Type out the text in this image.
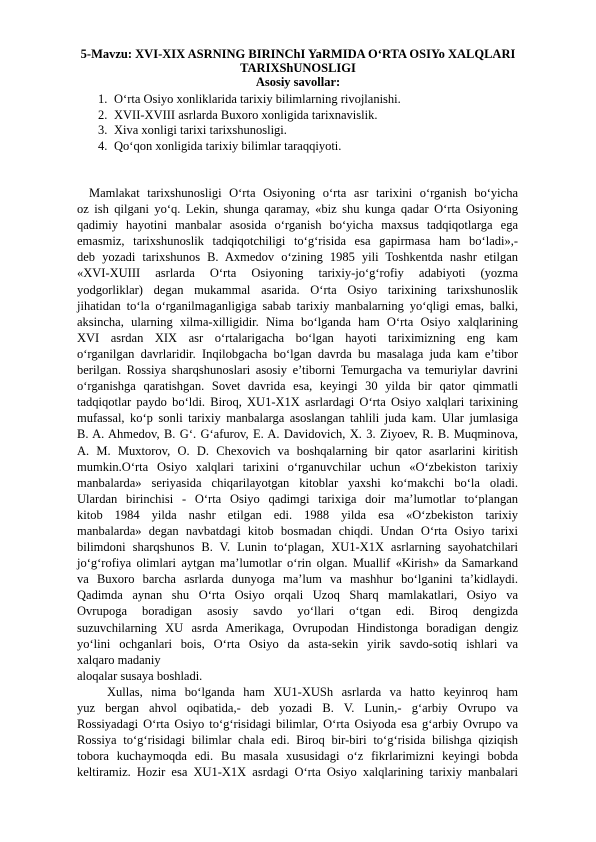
5-Mavzu: XVI-XIX ASRNING BIRINChI YaRMIDA O‘RTA OSIYo XALQLARI TARIXShUNOSLIGI
Asosiy savollar:
1. O‘rta Osiyo xonliklarida tarixiy bilimlarning rivojlanishi.
2. XVII-XVIII asrlarda Buxoro xonligida tarixnavislik.
3. Xiva xonligi tarixi tarixshunosligi.
4. Qo‘qon xonligida tarixiy bilimlar taraqqiyoti.
Mamlakat tarixshunosligi O‘rta Osiyoning o‘rta asr tarixini o‘rganish bo‘yicha
oz ish qilgani yo‘q. Lekin, shunga qaramay, «biz shu kunga qadar O‘rta Osiyoning
qadimiy hayotini manbalar asosida o‘rganish bo‘yicha maxsus tadqiqotlarga ega
emasmiz, tarixshunoslik tadqiqotchiligi to‘g‘risida esa gapirmasa ham bo‘ladi»,-
deb yozadi tarixshunos B. Axmedov o‘zining 1985 yili Toshkentda nashr etilgan
«XVI-XUIII asrlarda O‘rta Osiyoning tarixiy-jo‘g‘rofiy adabiyoti (yozma
yodgorliklar) degan mukammal asarida. O‘rta Osiyo tarixining tarixshunoslik
jihatidan to‘la o‘rganilmaganligiga sabab tarixiy manbalarning yo‘qligi emas, balki,
aksincha, ularning xilma-xilligidir. Nima bo‘lganda ham O‘rta Osiyo xalqlarining
XVI asrdan XIX asr o‘rtalarigacha bo‘lgan hayoti tariximizning eng kam
o‘rganilgan davrlaridir. Inqilobgacha bo‘lgan davrda bu masalaga juda kam e’tibor
berilgan. Rossiya sharqshunoslari asosiy e’tiborni Temurgacha va temuriylar davrini
o‘rganishga qaratishgan. Sovet davrida esa, keyingi 30 yilda bir qator qimmatli
tadqiqotlar paydo bo‘ldi. Biroq, XU1-X1X asrlardagi O‘rta Osiyo xalqlari tarixining
mufassal, ko‘p sonli tarixiy manbalarga asoslangan tahlili juda kam. Ular jumlasiga
B. A. Ahmedov, B. G‘. G‘afurov, E. A. Davidovich, X. 3. Ziyoev, R. B. Muqminova,
A. M. Muxtorov, O. D. Chexovich va boshqalarning bir qator asarlarini kiritish
mumkin.O‘rta Osiyo xalqlari tarixini o‘rganuvchilar uchun «O‘zbekiston tarixiy
manbalarda» seriyasida chiqarilayotgan kitoblar yaxshi ko‘makchi bo‘la oladi.
Ulardan birinchisi - O‘rta Osiyo qadimgi tarixiga doir ma’lumotlar to‘plangan
kitob 1984 yilda nashr etilgan edi. 1988 yilda esa «O‘zbekiston tarixiy
manbalarda» degan navbatdagi kitob bosmadan chiqdi. Undan O‘rta Osiyo tarixi
bilimdoni sharqshunos B. V. Lunin to‘plagan, XU1-X1X asrlarning sayohatchilari
jo‘g‘rofiya olimlari aytgan ma’lumotlar o‘rin olgan. Muallif «Kirish» da Samarkand
va Buxoro barcha asrlarda dunyoga ma’lum va mashhur bo‘lganini ta’kidlaydi.
Qadimda aynan shu O‘rta Osiyo orqali Uzoq Sharq mamlakatlari, Osiyo va
Ovrupoga boradigan asosiy savdo yo‘llari o‘tgan edi. Biroq dengizda
suzuvchilarning XU asrda Amerikaga, Ovrupodan Hindistonga boradigan dengiz
yo‘lini ochganlari bois, O‘rta Osiyo da asta-sekin yirik savdo-sotiq ishlari va
xalqaro madaniy
aloqalar susaya boshladi.
Xullas, nima bo‘lganda ham XU1-XUSh asrlarda va hatto keyinroq ham
yuz bergan ahvol oqibatida,- deb yozadi B. V. Lunin,- g‘arbiy Ovrupo va
Rossiyadagi O‘rta Osiyo to‘g‘risidagi bilimlar, O‘rta Osiyoda esa g‘arbiy Ovrupo va
Rossiya to‘g‘risidagi bilimlar chala edi. Biroq bir-biri to‘g‘risida bilishga qiziqish
tobora kuchaymoqda edi. Bu masala xususidagi o‘z fikrlarimizni keyingi bobda
keltiramiz. Hozir esa XU1-X1X asrdagi O‘rta Osiyo xalqlarining tarixiy manbalari
